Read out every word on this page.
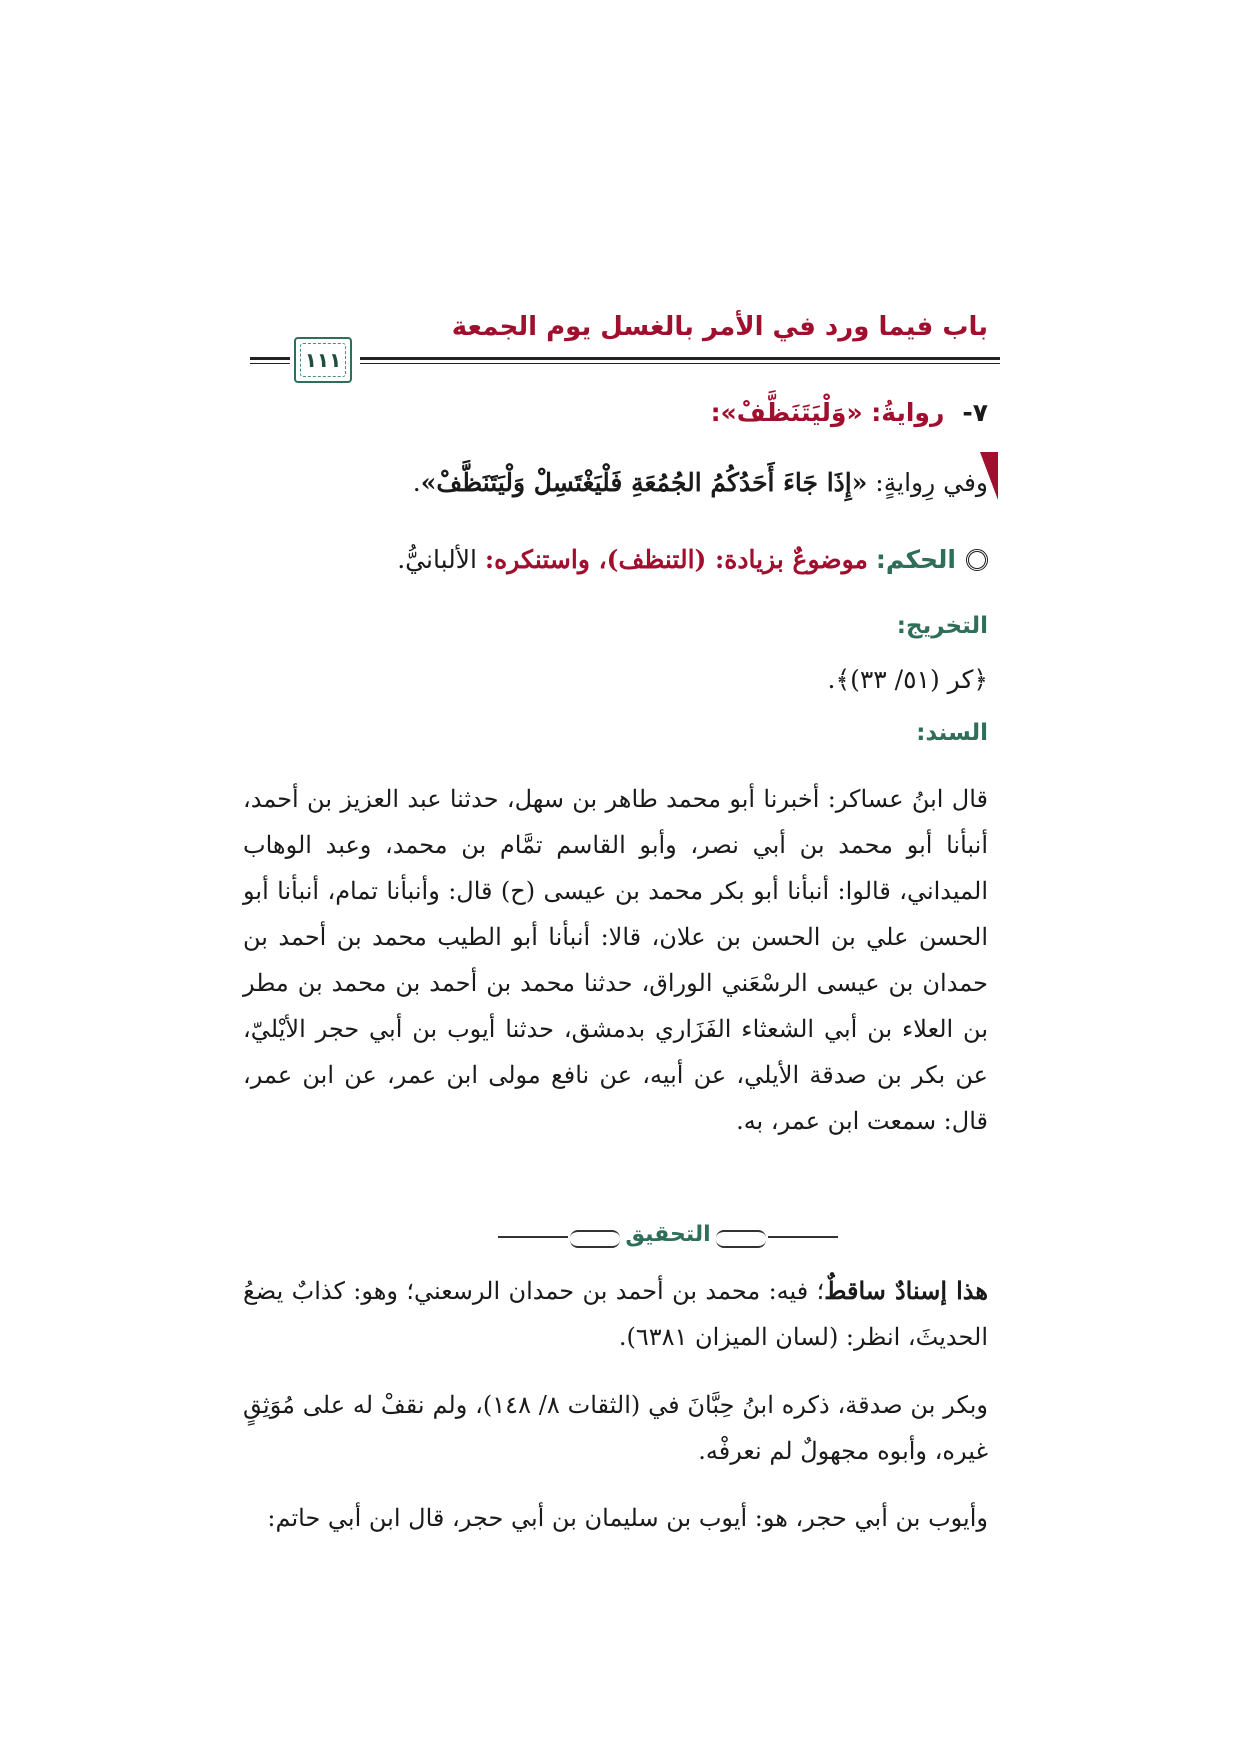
باب فيما ورد في الأمر بالغسل يوم الجمعة
١١١
٧-روايةُ: «وَلْيَتَنَظَّفْ»:
وفي رِوايةٍ: «إِذَا جَاءَ أَحَدُكُمُ الجُمُعَةِ فَلْيَغْتَسِلْ وَلْيَتَنَظَّفْ».
الحكم: موضوعٌ بزيادة: (التنظف)، واستنكره: الألبانيُّ.
التخريج:
﴿كر (٥١/ ٣٣)﴾.
السند:

قال ابنُ عساكر: أخبرنا أبو محمد طاهر بن سهل، حدثنا عبد العزيز بن أحمد، أنبأنا أبو محمد بن أبي نصر، وأبو القاسم تمَّام بن محمد، وعبد الوهاب الميداني، قالوا: أنبأنا أبو بكر محمد بن عيسى (ح) قال: وأنبأنا تمام، أنبأنا أبو الحسن علي بن الحسن بن علان، قالا: أنبأنا أبو الطيب محمد بن أحمد بن حمدان بن عيسى الرسْعَني الوراق، حدثنا محمد بن أحمد بن محمد بن مطر بن العلاء بن أبي الشعثاء الفَزَاري بدمشق، حدثنا أيوب بن أبي حجر الأيْليّ، عن بكر بن صدقة الأيلي، عن أبيه، عن نافع مولى ابن عمر، عن ابن عمر، قال: سمعت ابن عمر، به.

التحقيق

هذا إسنادٌ ساقطٌ؛ فيه: محمد بن أحمد بن حمدان الرسعني؛ وهو: كذابٌ يضعُ الحديثَ، انظر: (لسان الميزان ٦٣٨١).

وبكر بن صدقة، ذكره ابنُ حِبَّانَ في (الثقات ٨/ ١٤٨)، ولم نقفْ له على مُوَثِقٍ غيره، وأبوه مجهولٌ لم نعرفْه.

وأيوب بن أبي حجر، هو: أيوب بن سليمان بن أبي حجر، قال ابن أبي حاتم:
